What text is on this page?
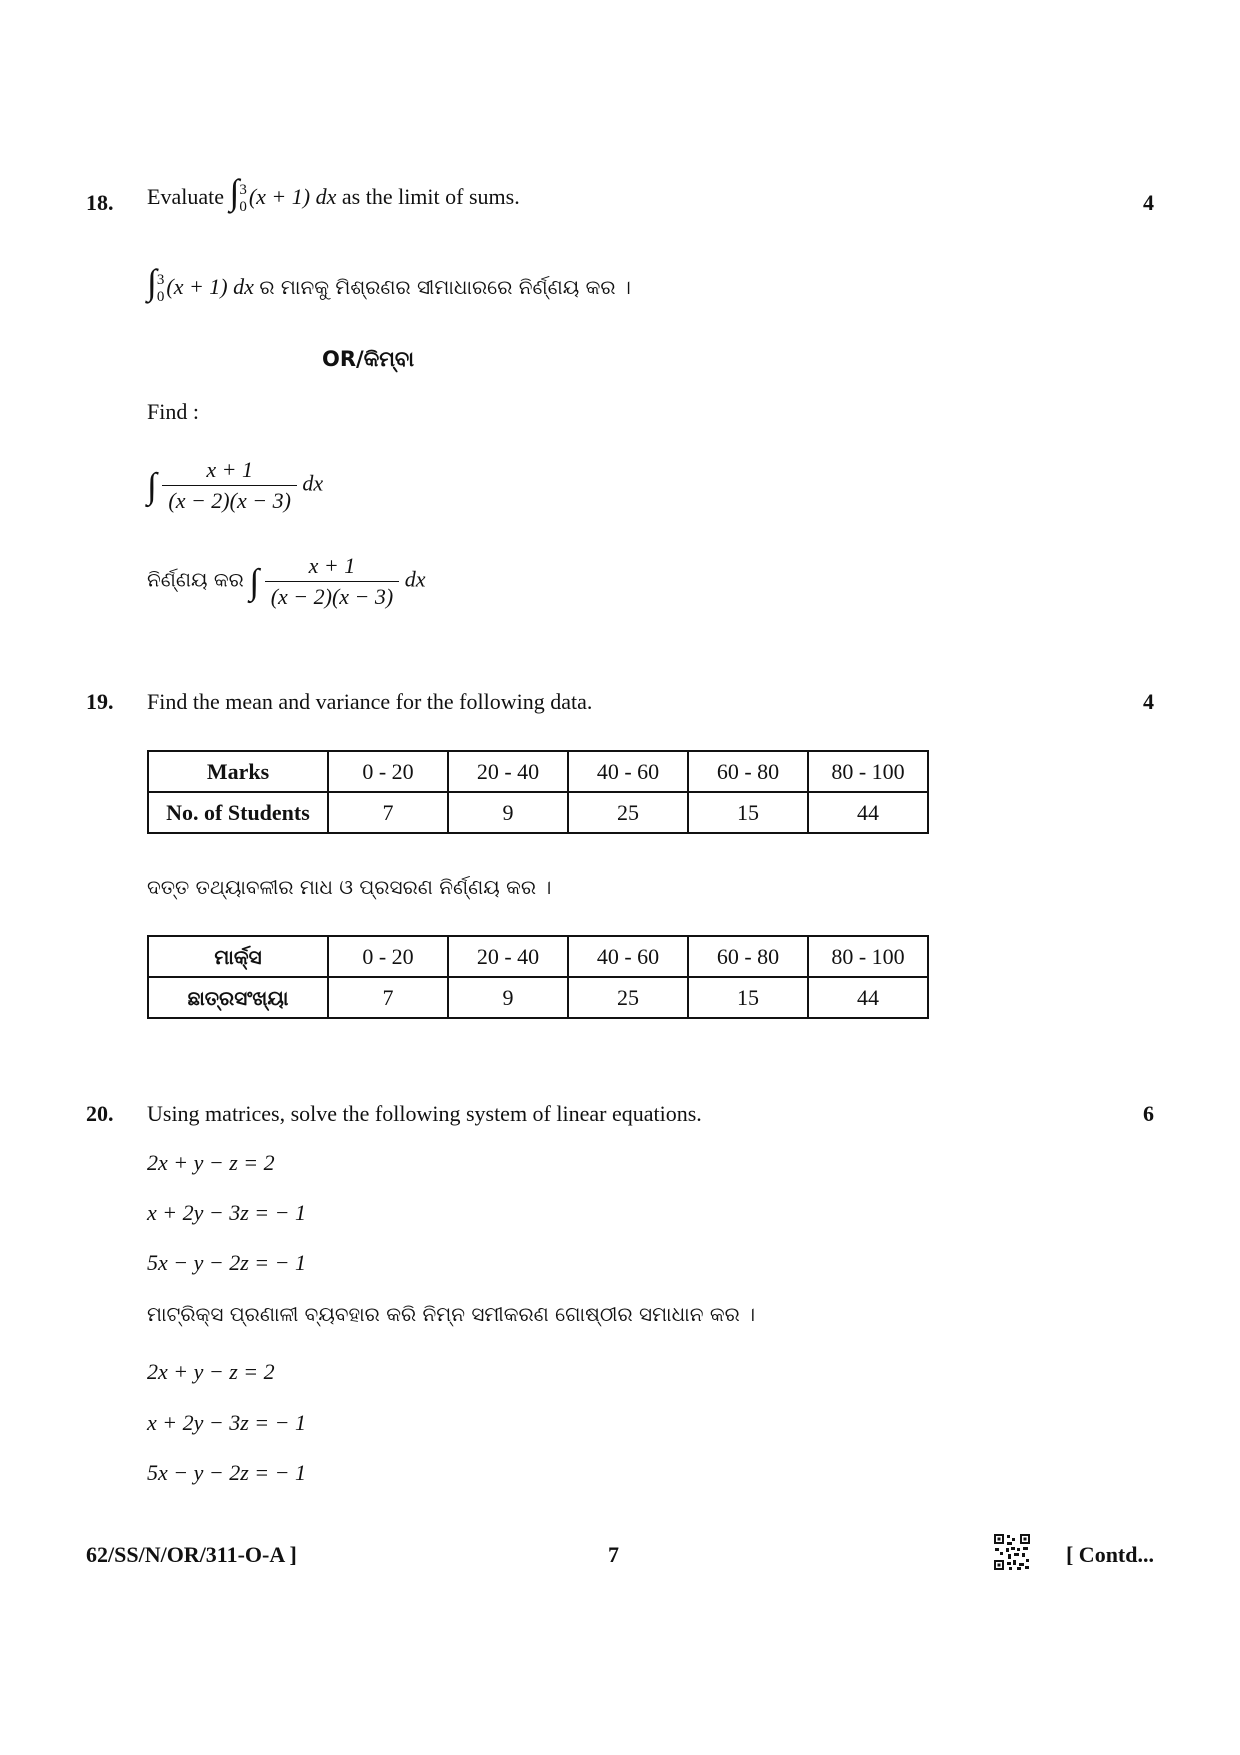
18. Evaluate ∫ 3
0 (x + 1) dx as the limit of sums.	4
∫ 3
0 (x + 1) dx ର ମାନକୁ ମିଶ୍ରଣର ସୀମାଧାରରେ ନିର୍ଣ୍ଣୟ କର ।
OR/କିମ୍ବା
Find :
∫ $\frac{x + 1}{(x - 2)(x - 3)}$ dx
ନିର୍ଣ୍ଣୟ କର ∫ $\frac{x + 1}{(x - 2)(x - 3)}$ dx
19. Find the mean and variance for the following data.	4
Marks	0 - 20	20 - 40	40 - 60	60 - 80	80 - 100
No. of Students	7	9	25	15	44
ଦତ୍ତ ତଥ୍ୟାବଳୀର ମାଧ ଓ ପ୍ରସରଣ ନିର୍ଣ୍ଣୟ କର ।
ମାର୍କ୍ସ	0 - 20	20 - 40	40 - 60	60 - 80	80 - 100
ଛାତ୍ରସଂଖ୍ୟା	7	9	25	15	44
20. Using matrices, solve the following system of linear equations.	6
2x + y − z = 2
x + 2y − 3z = − 1
5x − y − 2z = − 1
ମାଟ୍ରିକ୍ସ ପ୍ରଣାଳୀ ବ୍ୟବହାର କରି ନିମ୍ନ ସମୀକରଣ ଗୋଷ୍ଠୀର ସମାଧାନ କର ।
2x + y − z = 2
x + 2y − 3z = − 1
5x − y − 2z = − 1
62/SS/N/OR/311-O-A ]	7	[ Contd...
